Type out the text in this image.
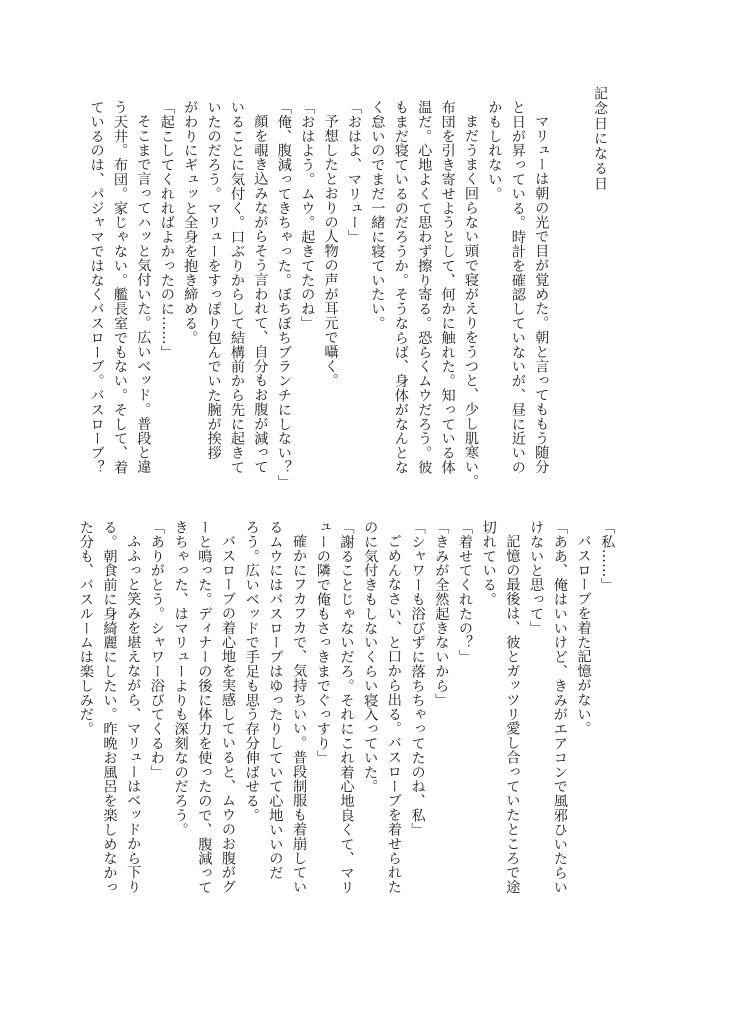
記念日になる日
マリューは朝の光で目が覚めた。朝と言ってももう随分
と日が昇っている。時計を確認していないが、昼に近いの
かもしれない。
まだうまく回らない頭で寝がえりをうつと、少し肌寒い。
布団を引き寄せようとして、何かに触れた。知っている体
温だ。心地よくて思わず擦り寄る。恐らくムウだろう。彼
もまだ寝ているのだろうか。そうならば、身体がなんとな
く怠いのでまだ一緒に寝ていたい。
「おはよ、マリュー」
予想したとおりの人物の声が耳元で囁く。
「おはよう。ムウ。起きてたのね」
「俺、腹減ってきちゃった。ぼちぼちブランチにしない？」
顔を覗き込みながらそう言われて、自分もお腹が減って
いることに気付く。口ぶりからして結構前から先に起きて
いたのだろう。マリューをすっぽり包んでいた腕が挨拶
がわりにギュッと全身を抱き締める。
「起こしてくれればよかったのに……」
そこまで言ってハッと気付いた。広いベッド。普段と違
う天井。布団。家じゃない。艦長室でもない。そして、着
ているのは、パジャマではなくバスローブ。バスローブ？
「私……」
バスローブを着た記憶がない。
「ああ、俺はいいけど、きみがエアコンで風邪ひいたらい
けないと思って」
記憶の最後は、彼とガッツリ愛し合っていたところで途
切れている。
「着せてくれたの？」
「きみが全然起きないから」
「シャワーも浴びずに落ちちゃってたのね、私」
ごめんなさい、と口から出る。バスローブを着せられた
のに気付きもしないくらい寝入っていた。
「謝ることじゃないだろ。それにこれ着心地良くて、マリ
ューの隣で俺もさっきまでぐっすり」
確かにフカフカで、気持ちいい。普段制服も着崩してい
るムウにはバスローブはゆったりしていて心地いいのだ
ろう。広いベッドで手足も思う存分伸ばせる。
バスローブの着心地を実感していると、ムウのお腹がグ
ーと鳴った。ディナーの後に体力を使ったので、腹減って
きちゃった、はマリューよりも深刻なのだろう。
「ありがとう。シャワー浴びてくるわ」
ふふっと笑みを堪えながら、マリューはベッドから下り
る。朝食前に身綺麗にしたい。昨晩お風呂を楽しめなかっ
た分も、バスルームは楽しみだ。
